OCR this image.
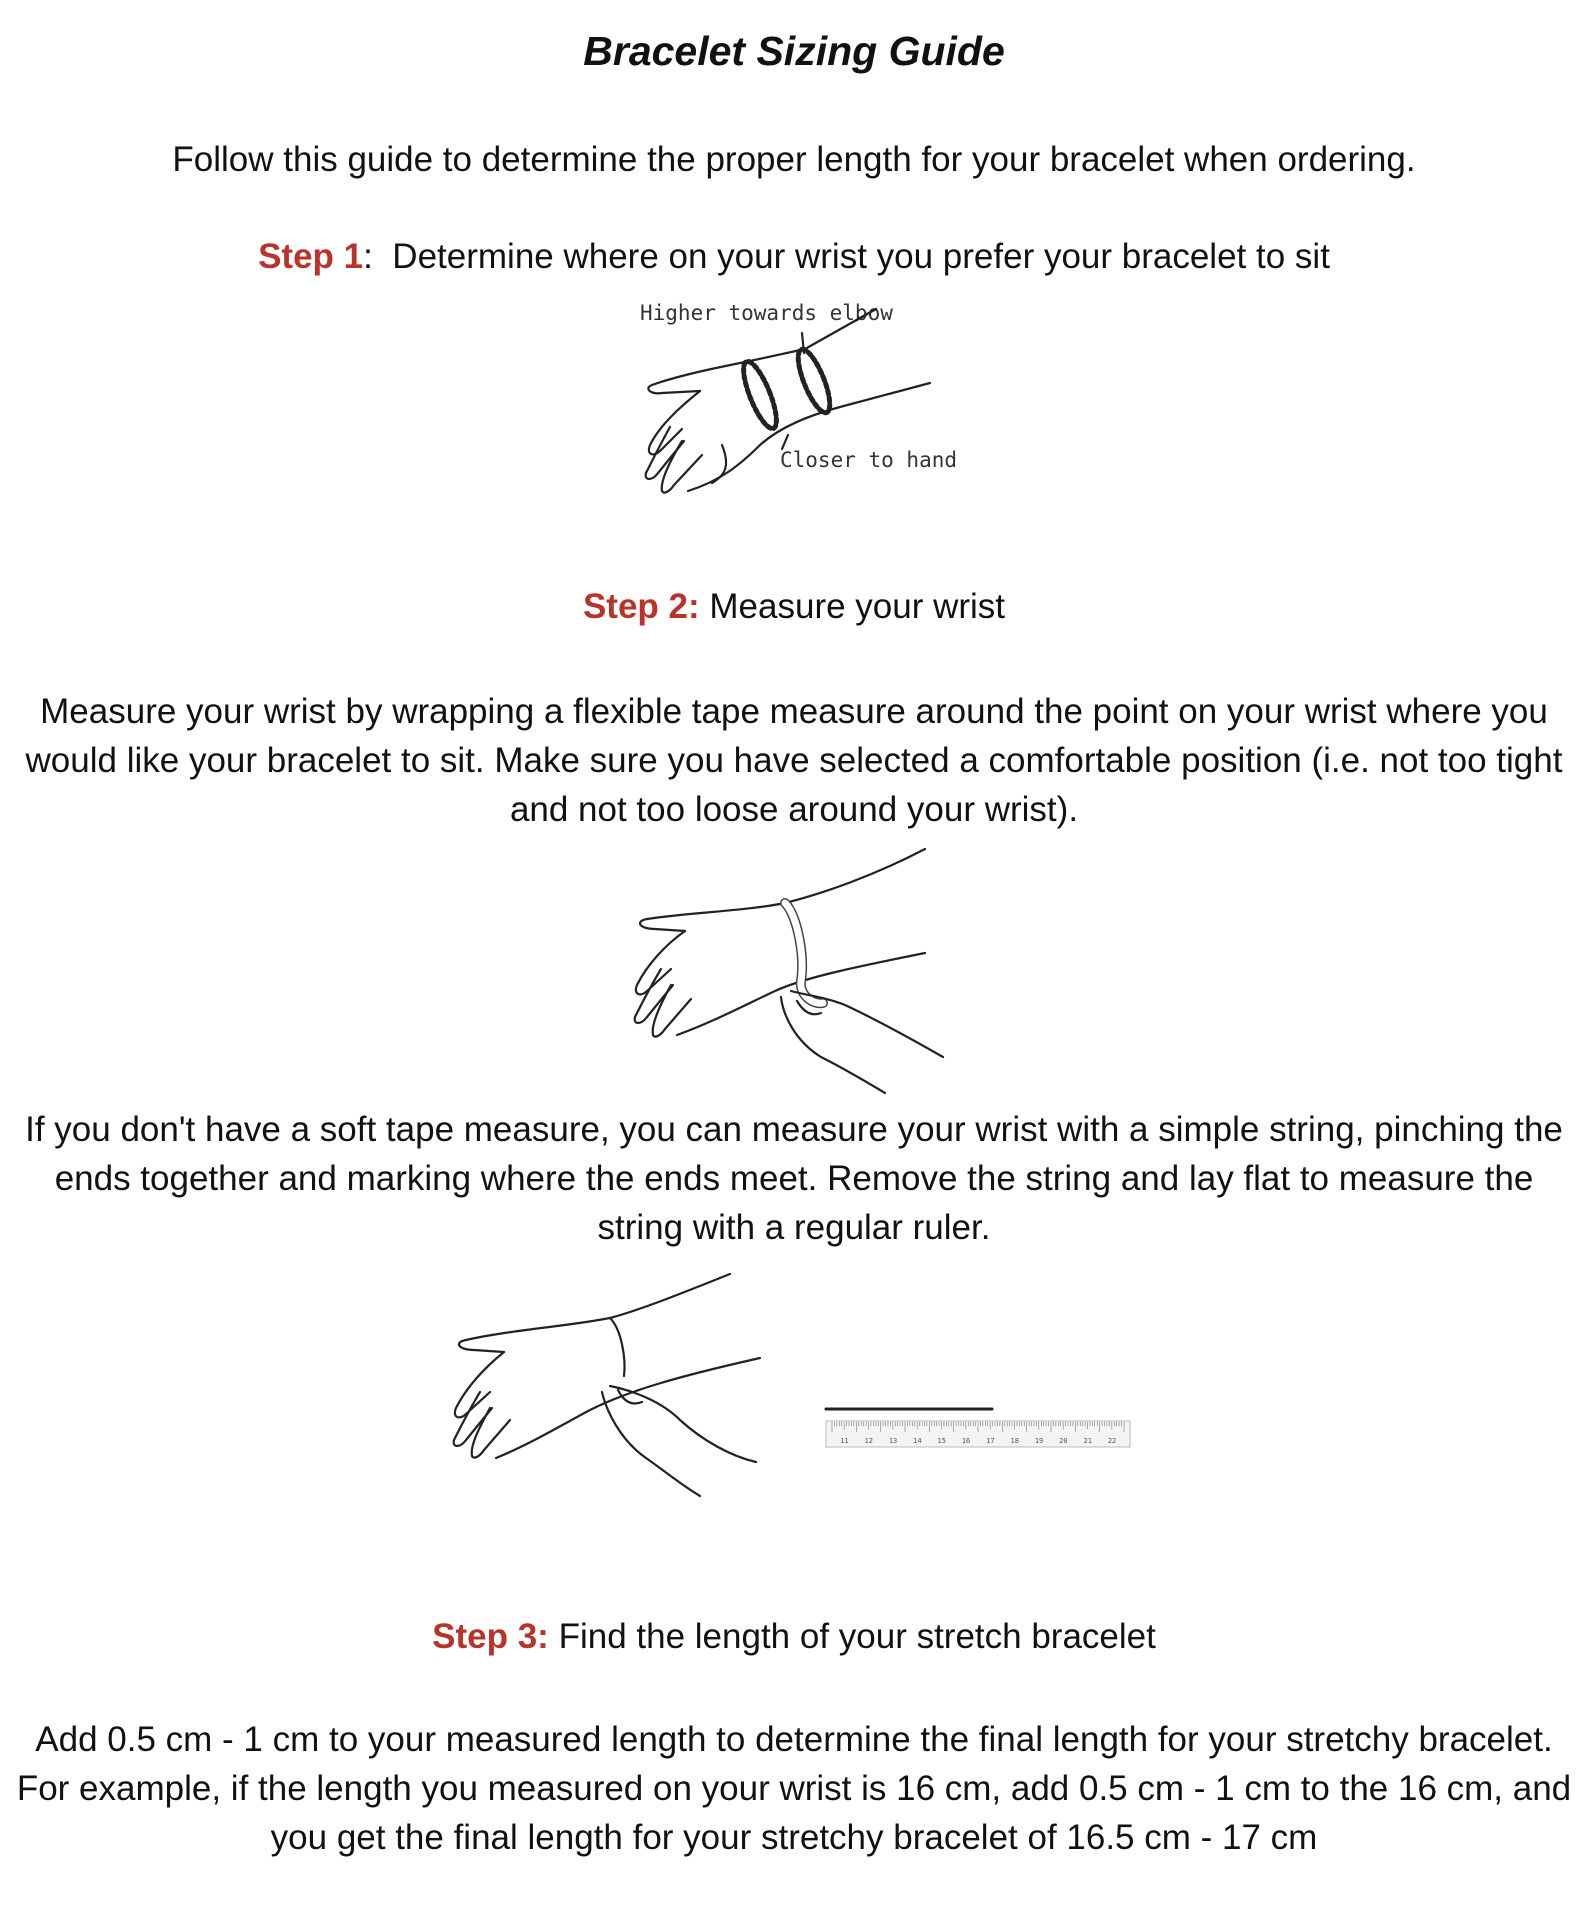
Bracelet Sizing Guide
Follow this guide to determine the proper length for your bracelet when ordering.
Step 1: Determine where on your wrist you prefer your bracelet to sit
Higher towards elbow
Closer to hand
Step 2: Measure your wrist
Measure your wrist by wrapping a flexible tape measure around the point on your wrist where you would like your bracelet to sit. Make sure you have selected a comfortable position (i.e. not too tight and not too loose around your wrist).
If you don't have a soft tape measure, you can measure your wrist with a simple string, pinching the ends together and marking where the ends meet. Remove the string and lay flat to measure the string with a regular ruler.
11 12 13 14 15 16 17 18 19 20 21 22
Step 3: Find the length of your stretch bracelet
Add 0.5 cm - 1 cm to your measured length to determine the final length for your stretchy bracelet. For example, if the length you measured on your wrist is 16 cm, add 0.5 cm - 1 cm to the 16 cm, and you get the final length for your stretchy bracelet of 16.5 cm - 17 cm
